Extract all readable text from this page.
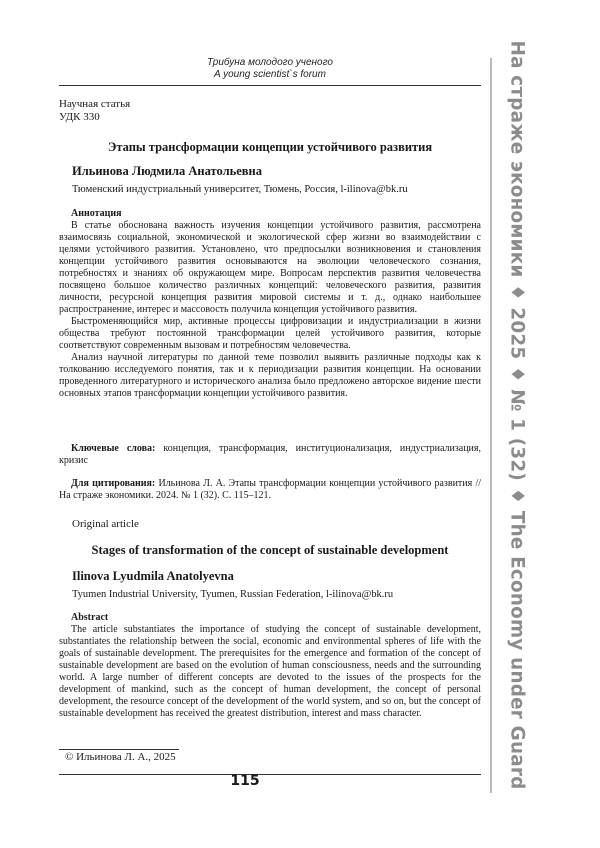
Трибуна молодого ученого
A young scientist`s forum	На страже экономики ♦ 2025 ♦ № 1 (32) ♦ The Economy under Guard
Научная статья
УДК 330
Этапы трансформации концепции устойчивого развития
Ильинова Людмила Анатольевна
Тюменский индустриальный университет, Тюмень, Россия, l-ilinova@bk.ru
Аннотация

В статье обоснована важность изучения концепции устойчивого развития, рассмотрена взаимосвязь социальной, экономической и экологической сфер жизни во взаимодействии с целями устойчивого развития. Установлено, что предпосылки возникновения и становления концепции устойчивого развития основываются на эволюции человеческого сознания, потребностях и знаниях об окружающем мире. Вопросам перспектив развития человечества посвящено большое количество различных концепций: человеческого развития, развития личности, ресурсной концепция развития мировой системы и т. д., однако наибольшее распространение, интерес и массовость получила концепция устойчивого развития.

Быстроменяющийся мир, активные процессы цифровизации и индустриализации в жизни общества требуют постоянной трансформации целей устойчивого развития, которые соответствуют современным вызовам и потребностям человечества.

Анализ научной литературы по данной теме позволил выявить различные подходы как к толкованию исследуемого понятия, так и к периодизации развития концепции. На основании проведенного литературного и исторического анализа было предложено авторское видение шести основных этапов трансформации концепции устойчивого развития.

Ключевые слова: концепция, трансформация, институционализация, индустриализация, кризис

Для цитирования: Ильинова Л. А. Этапы трансформации концепции устойчивого развития // На страже экономики. 2024. № 1 (32). С. 115–121.

Original article
Stages of transformation of the concept of sustainable development
Ilinova Lyudmila Anatolyevna
Tyumen Industrial University, Tyumen, Russian Federation, l-ilinova@bk.ru
Abstract

The article substantiates the importance of studying the concept of sustainable development, substantiates the relationship between the social, economic and environmental spheres of life with the goals of sustainable development. The prerequisites for the emergence and formation of the concept of sustainable development are based on the evolution of human consciousness, needs and the surrounding world. A large number of different concepts are devoted to the issues of the prospects for the development of mankind, such as the concept of human development, the concept of personal development, the resource concept of the development of the world system, and so on, but the concept of sustainable development has received the greatest distribution, interest and mass character.

© Ильинова Л. А., 2025
115
